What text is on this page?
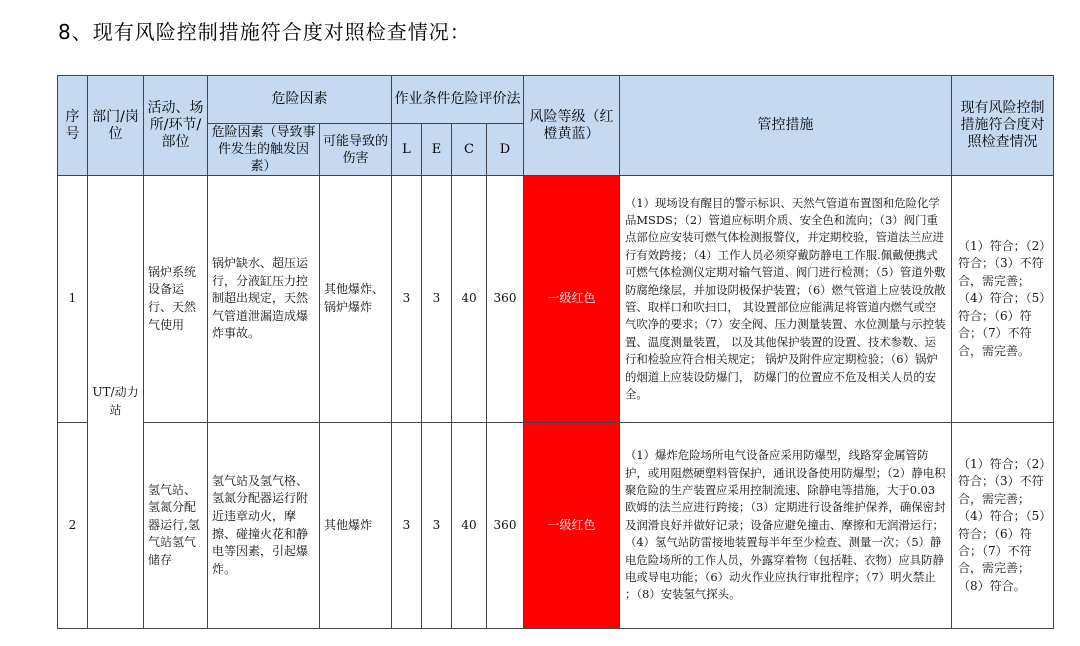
8、现有风险控制措施符合度对照检查情况：
序号	部门/岗位	活动、场所/环节/部位	危险因素		作业条件危险评价法				风险等级（红橙黄蓝）	管控措施	现有风险控制措施符合度对照检查情况

			危险因素（导致事件发生的触发因素）	可能导致的伤害	L	E	C	D			
1	UT/动力站	锅炉系统设备运行、天然气使用	锅炉缺水、超压运行，分液缸压力控制超出规定，天然气管道泄漏造成爆炸事故。	其他爆炸、锅炉爆炸	3	3	40	360	一级红色	（1）现场设有醒目的警示标识、天然气管道布置图和危险化学品MSDS；（2）管道应标明介质、安全色和流向；（3）阀门重点部位应安装可燃气体检测报警仪，并定期校验，管道法兰应进行有效跨接；（4）工作人员必须穿戴防静电工作服.佩戴便携式可燃气体检测仪定期对输气管道、阀门进行检测；（5）管道外敷防腐绝缘层，并加设阴极保护装置；（6）燃气管道上应装设放散管、取样口和吹扫口， 其设置部位应能满足将管道内燃气或空气吹净的要求；（7）安全阀、压力测量装置、水位测量与示控装置、温度测量装置， 以及其他保护装置的设置、技术参数、运行和检验应符合相关规定； 锅炉及附件应定期检验；（6）锅炉的烟道上应装设防爆门， 防爆门的位置应不危及相关人员的安全。	（1）符合；（2）符合；（3）不符合，需完善；（4）符合；（5）符合；（6）符合；（7）不符合，需完善。

2		氢气站、氢氮分配器运行,氢气站氢气储存	氢气站及氢气格、氢氮分配器运行附近违章动火，摩擦、碰撞火花和静电等因素，引起爆炸。	其他爆炸	3	3	40	360	一级红色	（1）爆炸危险场所电气设备应采用防爆型，线路穿金属管防护，或用阻燃硬塑料管保护，通讯设备使用防爆型；（2）静电积聚危险的生产装置应采用控制流速、除静电等措施，大于0.03欧姆的法兰应进行跨接；（3）定期进行设备维护保养，确保密封及润滑良好并做好记录；设备应避免撞击、摩擦和无润滑运行；（4）氢气站防雷接地装置每半年至少检查、测量一次；（5）静电危险场所的工作人员，外露穿着物（包括鞋、衣物）应具防静电或导电功能；（6）动火作业应执行审批程序；（7）明火禁止 ；（8）安装氢气探头。	（1）符合；（2）符合；（3）不符合，需完善；（4）符合；（5）符合；（6）符合；（7）不符合，需完善；（8）符合。
